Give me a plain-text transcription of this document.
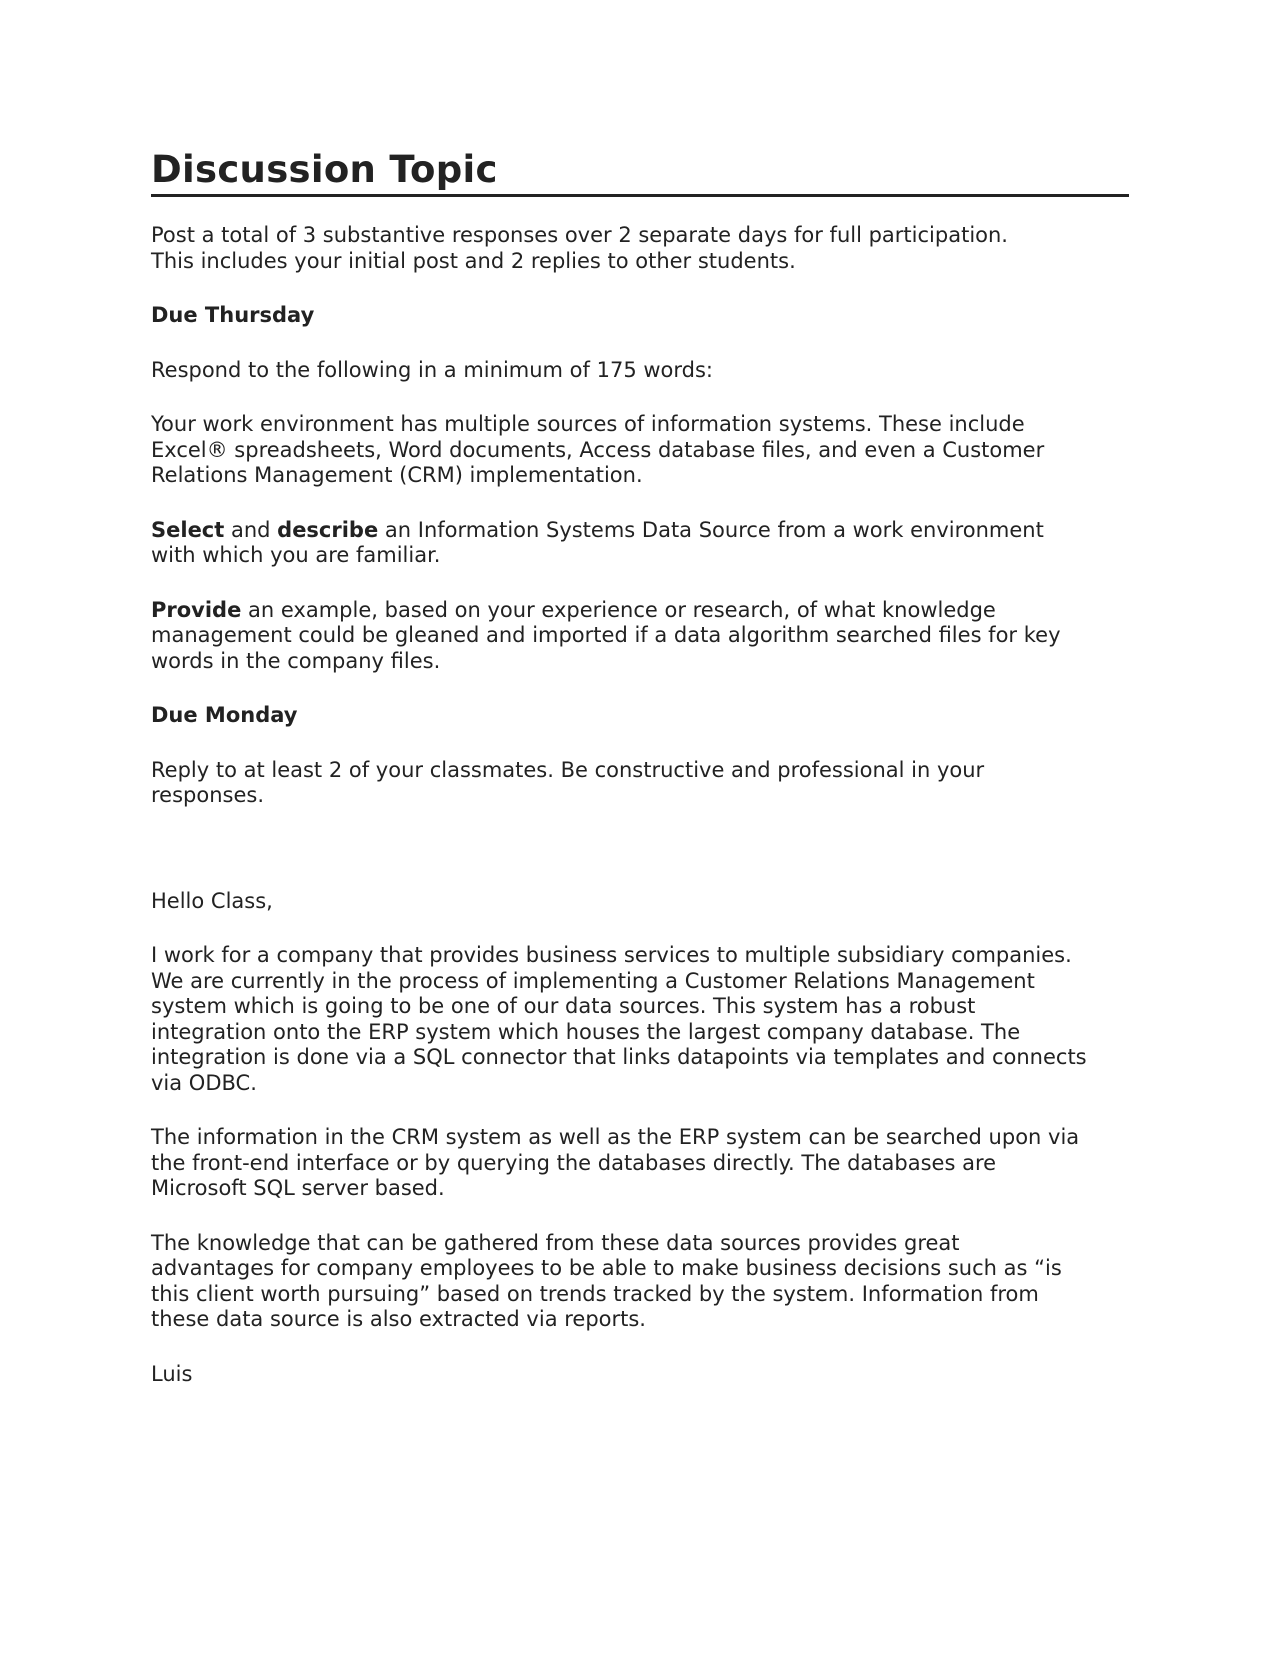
Discussion Topic

Post a total of 3 substantive responses over 2 separate days for full participation.
This includes your initial post and 2 replies to other students.

Due Thursday

Respond to the following in a minimum of 175 words:

Your work environment has multiple sources of information systems. These include
Excel® spreadsheets, Word documents, Access database files, and even a Customer
Relations Management (CRM) implementation.

Select and describe an Information Systems Data Source from a work environment
with which you are familiar.

Provide an example, based on your experience or research, of what knowledge
management could be gleaned and imported if a data algorithm searched files for key
words in the company files.

Due Monday

Reply to at least 2 of your classmates. Be constructive and professional in your
responses.

Hello Class,

I work for a company that provides business services to multiple subsidiary companies.
We are currently in the process of implementing a Customer Relations Management
system which is going to be one of our data sources. This system has a robust
integration onto the ERP system which houses the largest company database. The
integration is done via a SQL connector that links datapoints via templates and connects
via ODBC.

The information in the CRM system as well as the ERP system can be searched upon via
the front-end interface or by querying the databases directly. The databases are
Microsoft SQL server based.

The knowledge that can be gathered from these data sources provides great
advantages for company employees to be able to make business decisions such as “is
this client worth pursuing” based on trends tracked by the system. Information from
these data source is also extracted via reports.

Luis
